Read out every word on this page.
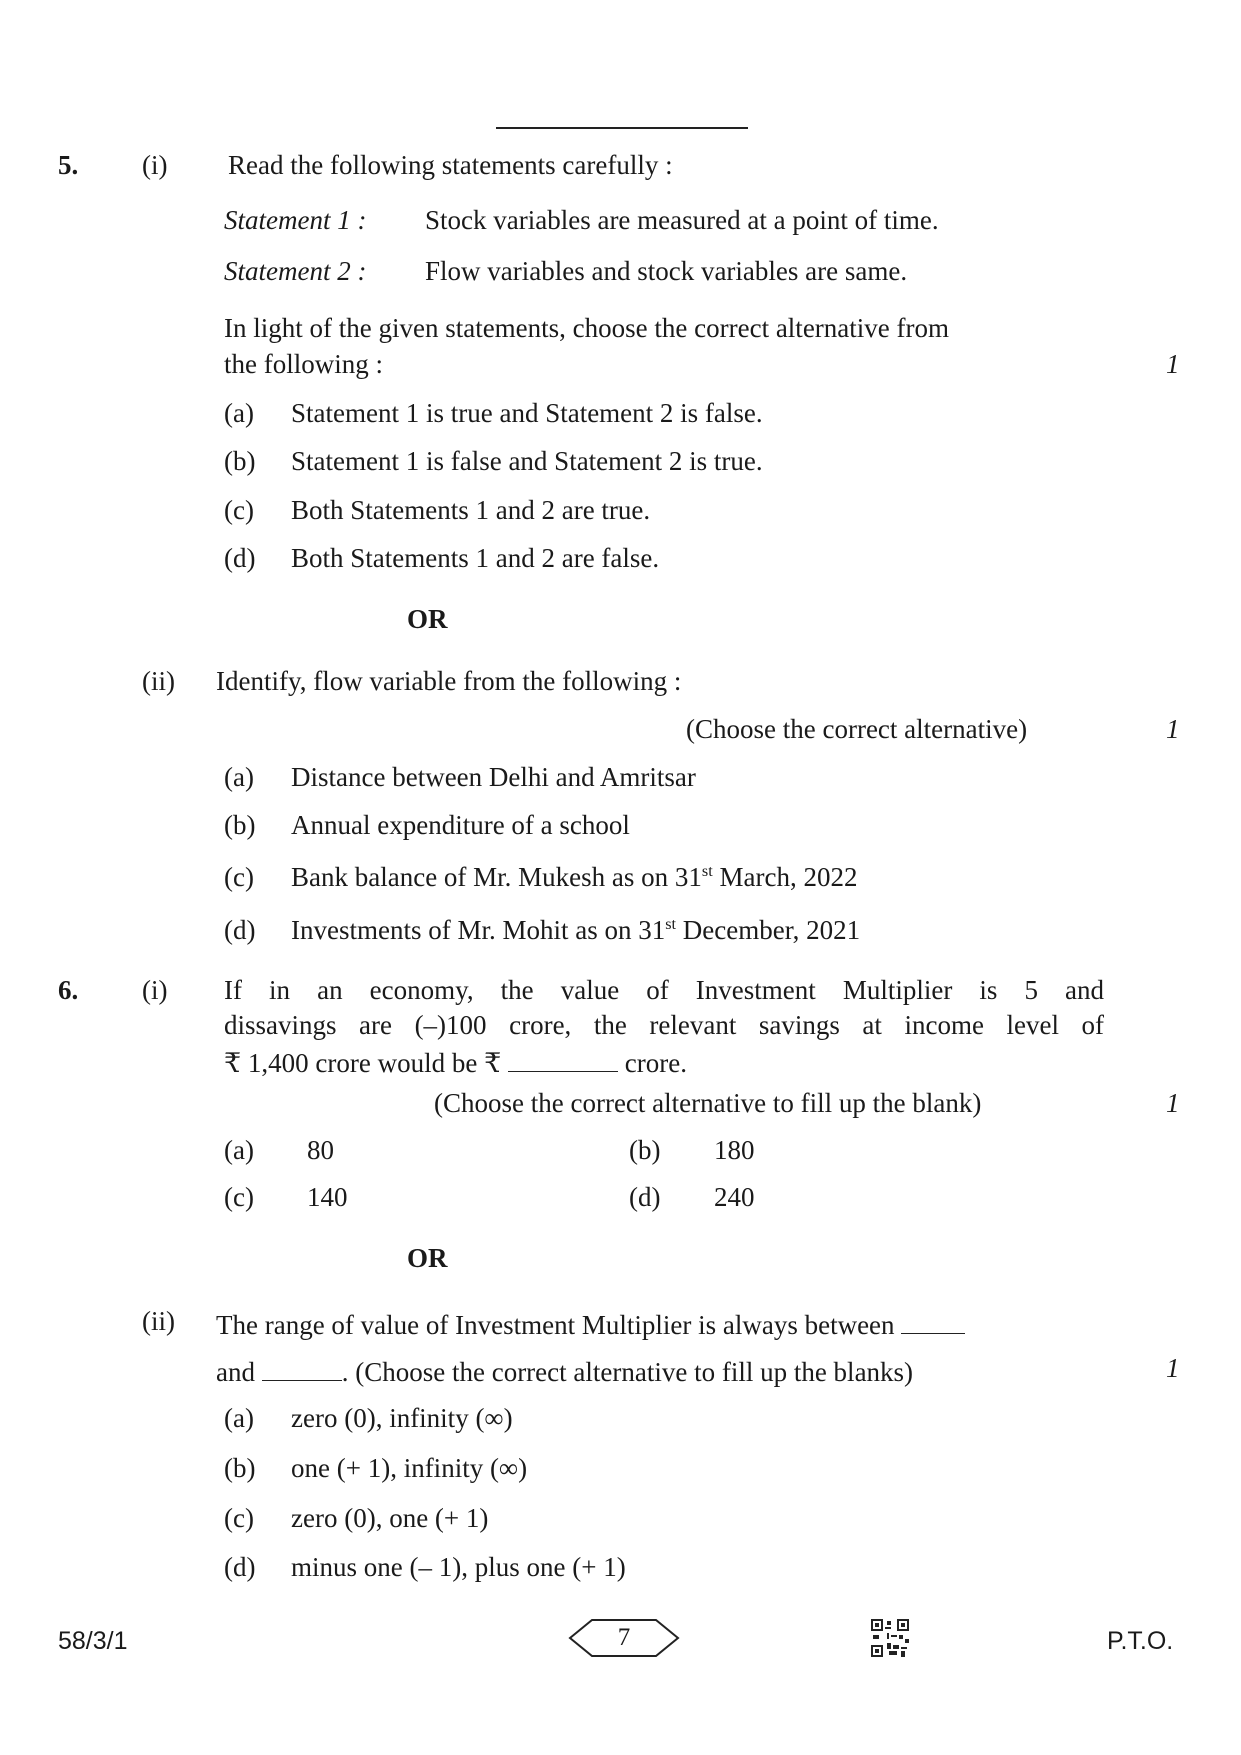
5. (i) Read the following statements carefully :
Statement 1 : Stock variables are measured at a point of time.
Statement 2 : Flow variables and stock variables are same.
In light of the given statements, choose the correct alternative from
the following :	1
(a) Statement 1 is true and Statement 2 is false.
(b) Statement 1 is false and Statement 2 is true.
(c) Both Statements 1 and 2 are true.
(d) Both Statements 1 and 2 are false.
OR
(ii) Identify, flow variable from the following :
(Choose the correct alternative)	1
(a) Distance between Delhi and Amritsar
(b) Annual expenditure of a school
(c) Bank balance of Mr. Mukesh as on 31st March, 2022
(d) Investments of Mr. Mohit as on 31st December, 2021
6. (i) If in an economy, the value of Investment Multiplier is 5 and
dissavings are (–)100 crore, the relevant savings at income level of
₹ 1,400 crore would be ₹	crore.
(Choose the correct alternative to fill up the blank)	1
(a) 80	(b) 180
(c) 140	(d) 240
OR
(ii) The range of value of Investment Multiplier is always between
and	. (Choose the correct alternative to fill up the blanks)	1
(a) zero (0), infinity (∞)
(b) one (+ 1), infinity (∞)
(c) zero (0), one (+ 1)
(d) minus one (– 1), plus one (+ 1)
58/3/1	7	P.T.O.
